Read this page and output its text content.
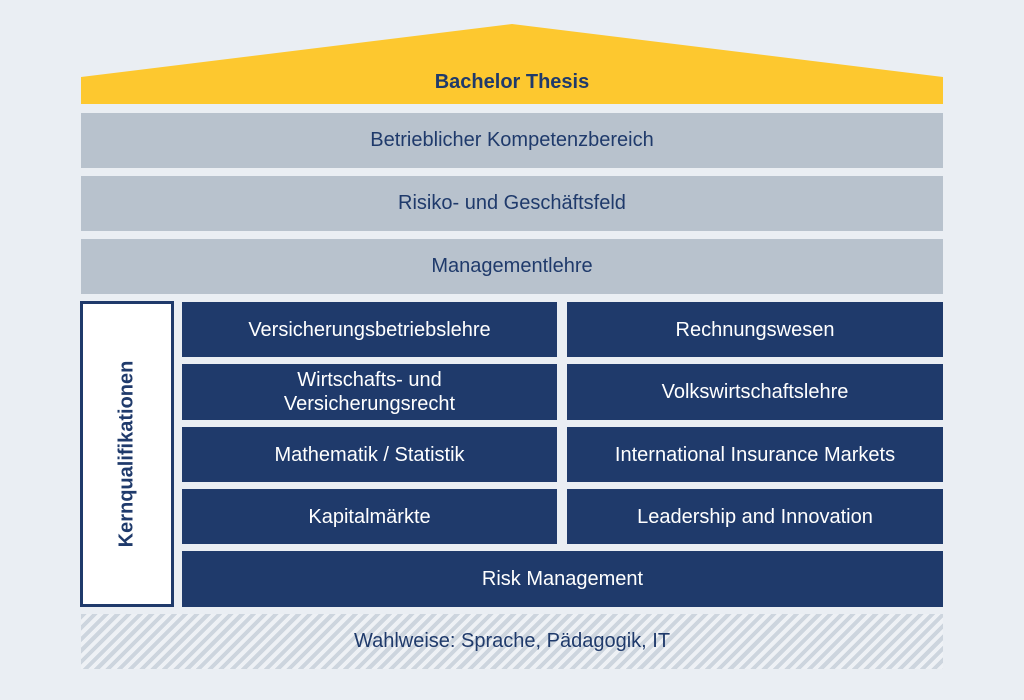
Bachelor Thesis
Betrieblicher Kompetenzbereich
Risiko- und Geschäftsfeld
Managementlehre
Kernqualifikationen
Versicherungsbetriebslehre
Wirtschafts- und
Versicherungsrecht
Mathematik / Statistik
Kapitalmärkte
Rechnungswesen
Volkswirtschaftslehre
International Insurance Markets
Leadership and Innovation
Risk Management
Wahlweise: Sprache, Pädagogik, IT
